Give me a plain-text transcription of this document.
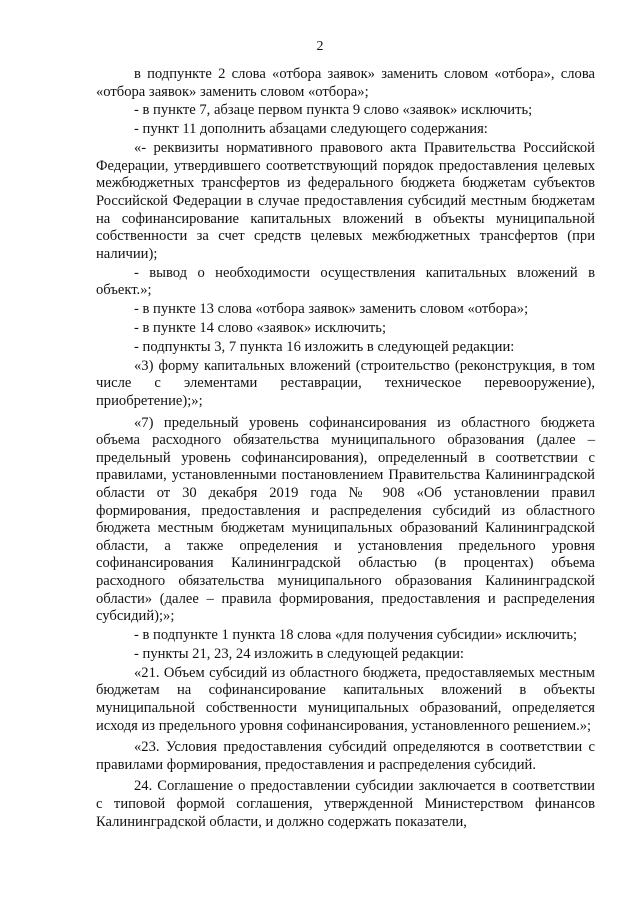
2

в подпункте 2 слова «отбора заявок» заменить словом «отбора», слова «отбора заявок» заменить словом «отбора»;

- в пункте 7, абзаце первом пункта 9 слово «заявок» исключить;

- пункт 11 дополнить абзацами следующего содержания:

«- реквизиты нормативного правового акта Правительства Российской Федерации, утвердившего соответствующий порядок предоставления целевых межбюджетных трансфертов из федерального бюджета бюджетам субъектов Российской Федерации в случае предоставления субсидий местным бюджетам на софинансирование капитальных вложений в объекты муниципальной собственности за счет средств целевых межбюджетных трансфертов (при наличии);

- вывод о необходимости осуществления капитальных вложений в объект.»;

- в пункте 13 слова «отбора заявок» заменить словом «отбора»;

- в пункте 14 слово «заявок» исключить;

- подпункты 3, 7 пункта 16 изложить в следующей редакции:

«3) форму капитальных вложений (строительство (реконструкция, в том числе с элементами реставрации, техническое перевооружение), приобретение);»;

«7) предельный уровень софинансирования из областного бюджета объема расходного обязательства муниципального образования (далее – предельный уровень софинансирования), определенный в соответствии с правилами, установленными постановлением Правительства Калининградской области от 30 декабря 2019 года № 908 «Об установлении правил формирования, предоставления и распределения субсидий из областного бюджета местным бюджетам муниципальных образований Калининградской области, а также определения и установления предельного уровня софинансирования Калининградской областью (в процентах) объема расходного обязательства муниципального образования Калининградской области» (далее – правила формирования, предоставления и распределения субсидий);»;

- в подпункте 1 пункта 18 слова «для получения субсидии» исключить;

- пункты 21, 23, 24 изложить в следующей редакции:

«21. Объем субсидий из областного бюджета, предоставляемых местным бюджетам на софинансирование капитальных вложений в объекты муниципальной собственности муниципальных образований, определяется исходя из предельного уровня софинансирования, установленного решением.»;

«23. Условия предоставления субсидий определяются в соответствии с правилами формирования, предоставления и распределения субсидий.

24. Соглашение о предоставлении субсидии заключается в соответствии с типовой формой соглашения, утвержденной Министерством финансов Калининградской области, и должно содержать показатели,
